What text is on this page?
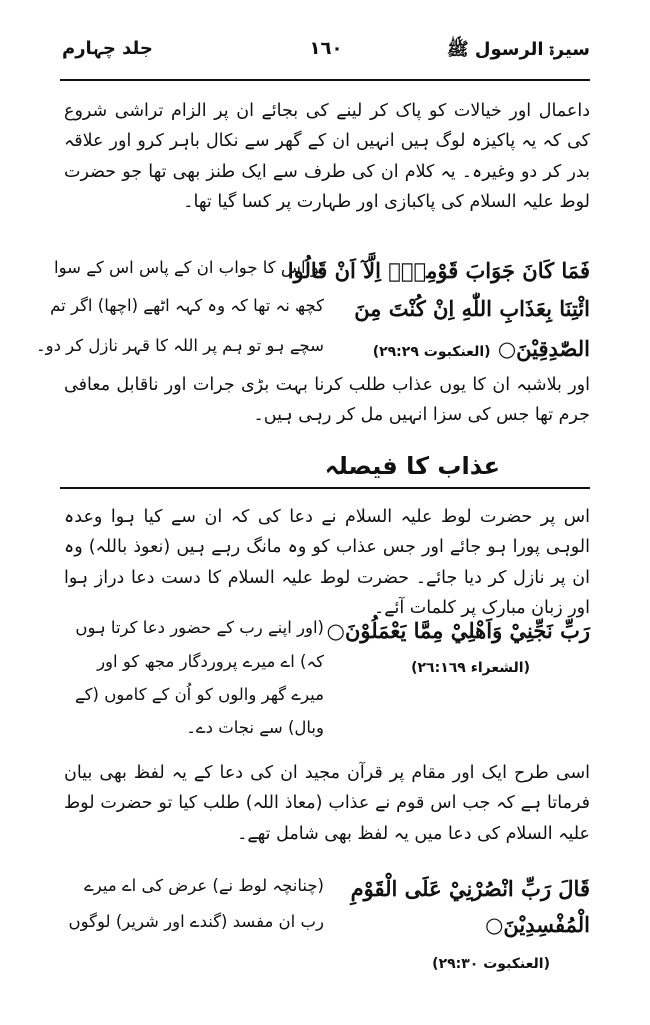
سیرۃ الرسول ﷺ
۱٦۰
جلد چہارم
داعمال اور خیالات کو پاک کر لینے کی بجائے ان پر الزام تراشی شروع کی کہ یہ پاکیزہ لوگ ہیں انہیں ان کے گھر سے نکال باہر کرو اور علاقہ بدر کر دو وغیرہ۔ یہ کلام ان کی طرف سے ایک طنز بھی تھا جو حضرت لوط علیہ السلام کی پاکبازی اور طہارت پر کسا گیا تھا۔
فَمَا كَانَ جَوَابَ قَوْمِهٖٓ اِلَّآ اَنْ قَالُوا
تو اس کا جواب ان کے پاس اس کے سوا
ائْتِنَا بِعَذَابِ اللّٰهِ اِنْ كُنْتَ مِنَ
کچھ نہ تھا کہ وہ کہہ اٹھے (اچھا) اگر تم
الصّٰدِقِيْنَ○ (العنکبوت ۲۹:۲۹)
سچے ہو تو ہم پر اللہ کا قہر نازل کر دو۔
اور بلاشبہ ان کا یوں عذاب طلب کرنا بہت بڑی جرات اور ناقابل معافی جرم تھا جس کی سزا انہیں مل کر رہی ہیں۔
عذاب کا فیصلہ
اس پر حضرت لوط علیہ السلام نے دعا کی کہ ان سے کیا ہوا وعدہ الوہی پورا ہو جائے اور جس عذاب کو وہ مانگ رہے ہیں (نعوذ باللہ) وہ ان پر نازل کر دیا جائے۔ حضرت لوط علیہ السلام کا دست دعا دراز ہوا اور زبان مبارک پر کلمات آئے۔
رَبِّ نَجِّنِيْ وَاَهْلِيْ مِمَّا يَعْمَلُوْنَ○
(اور اپنے رب کے حضور دعا کرتا ہوں
(الشعراء ۲٦:۱٦۹)
کہ) اے میرے پروردگار مجھ کو اور
میرے گھر والوں کو اُن کے کاموں (کے
وبال) سے نجات دے۔
اسی طرح ایک اور مقام پر قرآن مجید ان کی دعا کے یہ لفظ بھی بیان فرماتا ہے کہ جب اس قوم نے عذاب (معاذ اللہ) طلب کیا تو حضرت لوط علیہ السلام کی دعا میں یہ لفظ بھی شامل تھے۔
قَالَ رَبِّ انْصُرْنِيْ عَلَى الْقَوْمِ
(چنانچہ لوط نے) عرض کی اے میرے
الْمُفْسِدِيْنَ○
رب ان مفسد (گندے اور شریر) لوگوں
(العنکبوت ۲۹:۳۰)
